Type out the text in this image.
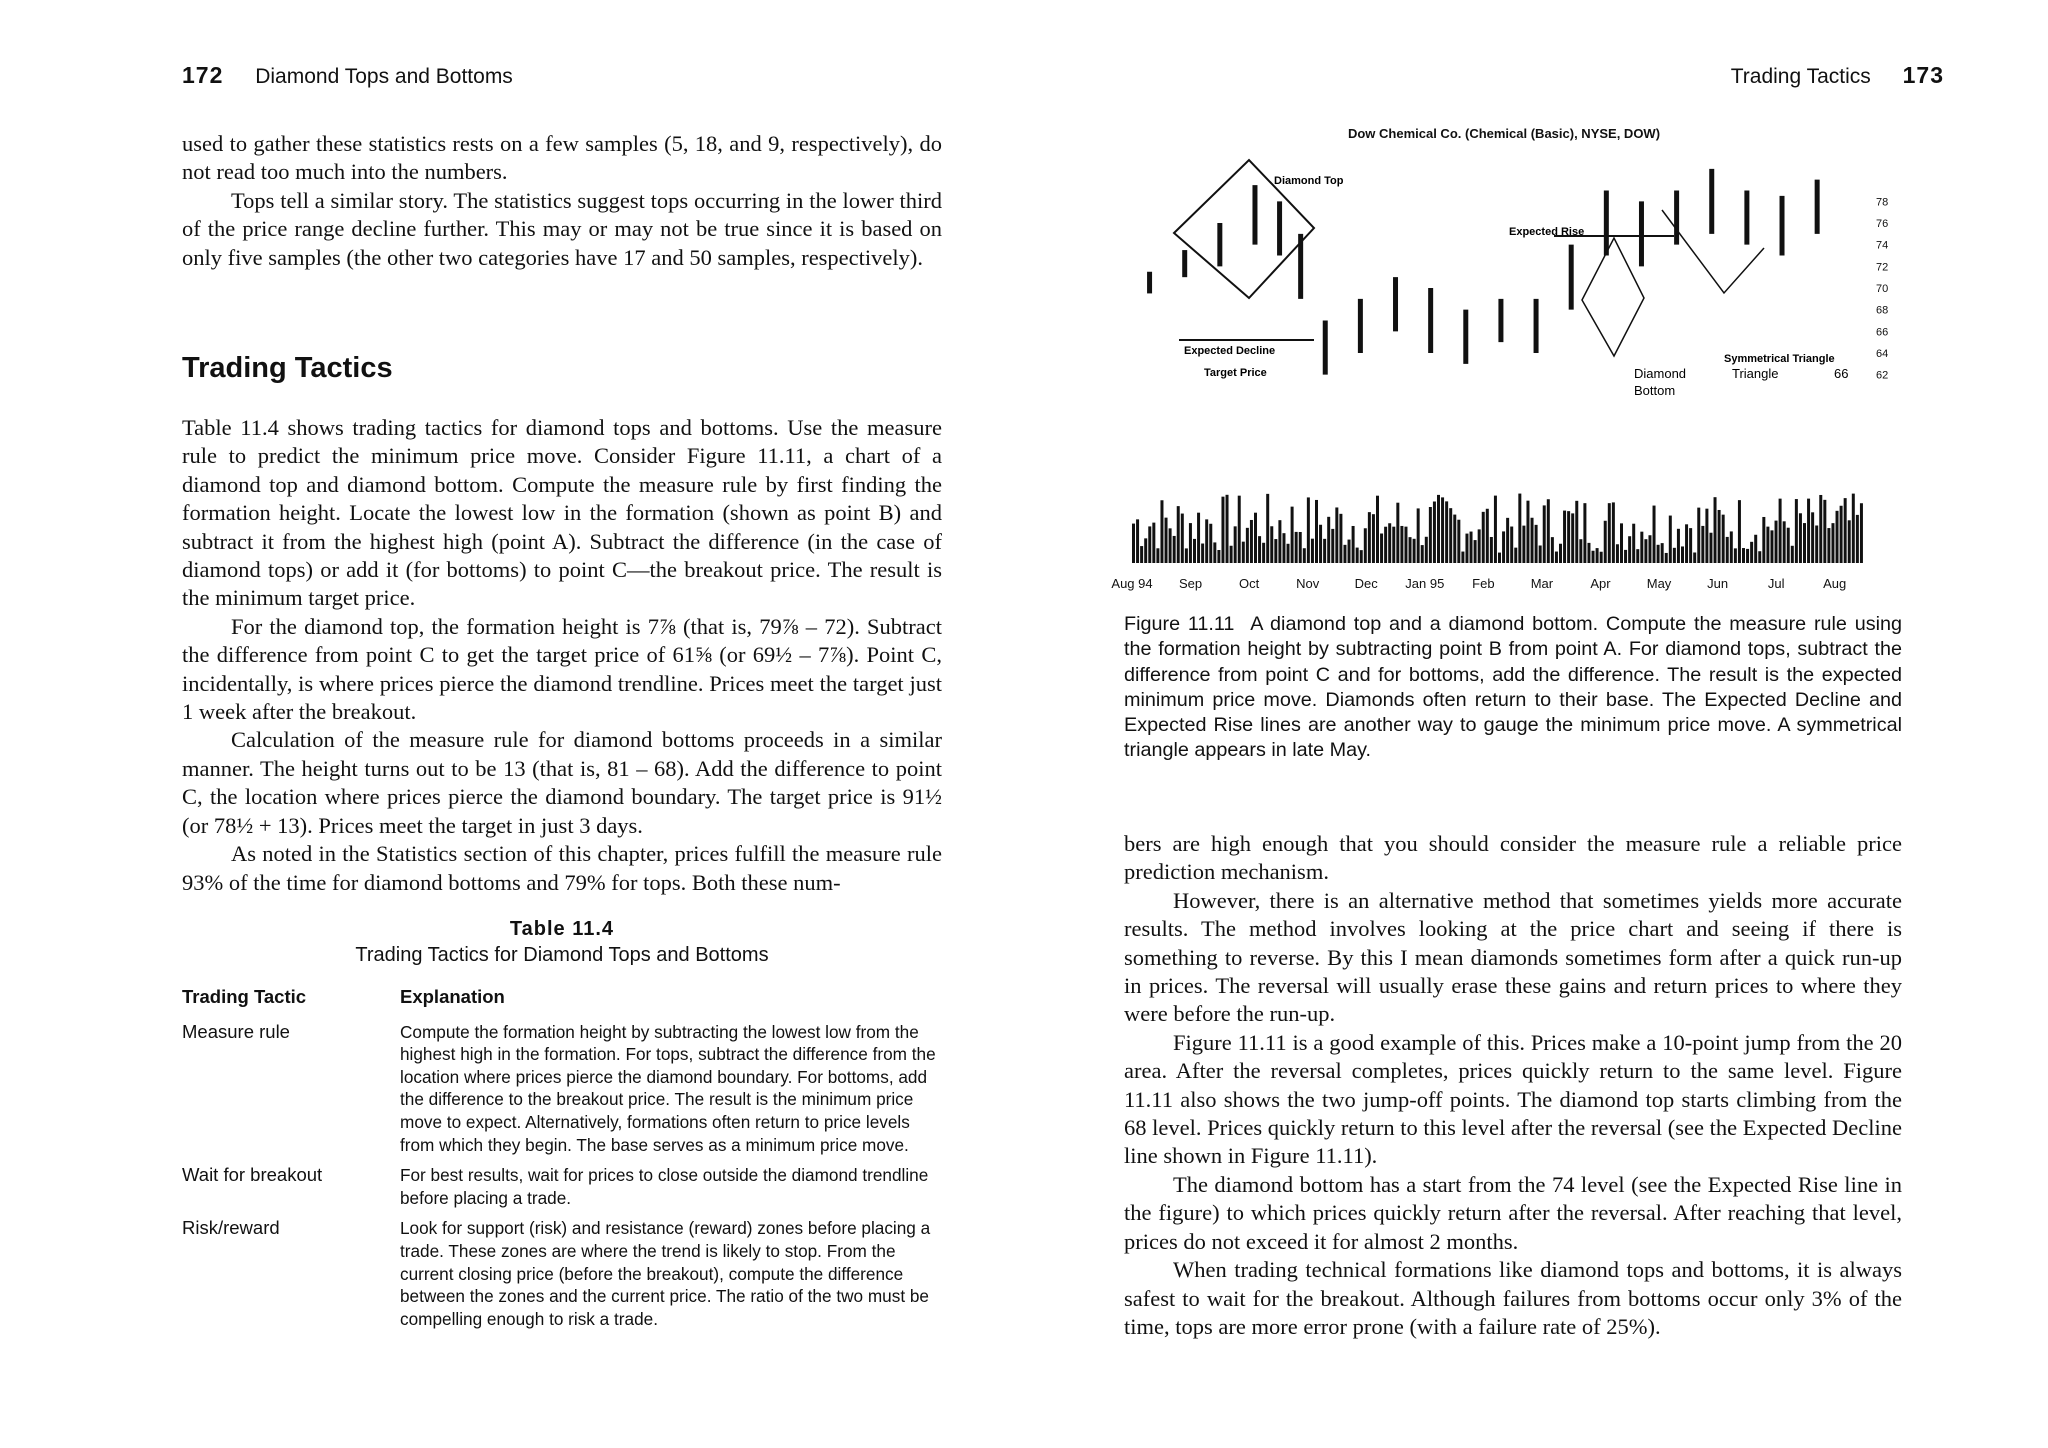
172 Diamond Tops and Bottoms

used to gather these statistics rests on a few samples (5, 18, and 9, respectively), do not read too much into the numbers.

Tops tell a similar story. The statistics suggest tops occurring in the lower third of the price range decline further. This may or may not be true since it is based on only five samples (the other two categories have 17 and 50 samples, respectively).

Trading Tactics

Table 11.4 shows trading tactics for diamond tops and bottoms. Use the measure rule to predict the minimum price move. Consider Figure 11.11, a chart of a diamond top and diamond bottom. Compute the measure rule by first finding the formation height. Locate the lowest low in the formation (shown as point B) and subtract it from the highest high (point A). Subtract the difference (in the case of diamond tops) or add it (for bottoms) to point C—the breakout price. The result is the minimum target price.

For the diamond top, the formation height is 7⅞ (that is, 79⅞ – 72). Subtract the difference from point C to get the target price of 61⅝ (or 69½ – 7⅞). Point C, incidentally, is where prices pierce the diamond trendline. Prices meet the target just 1 week after the breakout.

Calculation of the measure rule for diamond bottoms proceeds in a similar manner. The height turns out to be 13 (that is, 81 – 68). Add the difference to point C, the location where prices pierce the diamond boundary. The target price is 91½ (or 78½ + 13). Prices meet the target in just 3 days.

As noted in the Statistics section of this chapter, prices fulfill the measure rule 93% of the time for diamond bottoms and 79% for tops. Both these num-

Table 11.4
Trading Tactics for Diamond Tops and Bottoms
Trading Tactic	Explanation
Measure rule	Compute the formation height by subtracting the lowest low from the highest high in the formation. For tops, subtract the difference from the location where prices pierce the diamond boundary. For bottoms, add the difference to the breakout price. The result is the minimum price move to expect. Alternatively, formations often return to price levels from which they begin. The base serves as a minimum price move.
Wait for breakout	For best results, wait for prices to close outside the diamond trendline before placing a trade.
Risk/reward	Look for support (risk) and resistance (reward) zones before placing a trade. These zones are where the trend is likely to stop. From the current closing price (before the breakout), compute the difference between the zones and the current price. The ratio of the two must be compelling enough to risk a trade.
Trading Tactics 173
Dow Chemical Co. (Chemical (Basic), NYSE, DOW)
78
76
74
72
70
68
66
64
62
Aug 94 Sep	Oct	Nov	Dec Jan 95 Feb	Mar	Apr	May	Jun	Jul	Aug
Diamond Top
Expected Decline
Target Price
Expected Rise
Diamond Bottom
Symmetrical Triangle
Triangle	66
Figure 11.11 A diamond top and a diamond bottom. Compute the measure rule using the formation height by subtracting point B from point A. For diamond tops, subtract the difference from point C and for bottoms, add the difference. The result is the expected minimum price move. Diamonds often return to their base. The Expected Decline and Expected Rise lines are another way to gauge the minimum price move. A symmetrical triangle appears in late May.

bers are high enough that you should consider the measure rule a reliable price prediction mechanism.

However, there is an alternative method that sometimes yields more accurate results. The method involves looking at the price chart and seeing if there is something to reverse. By this I mean diamonds sometimes form after a quick run-up in prices. The reversal will usually erase these gains and return prices to where they were before the run-up.

Figure 11.11 is a good example of this. Prices make a 10-point jump from the 20 area. After the reversal completes, prices quickly return to the same level. Figure 11.11 also shows the two jump-off points. The diamond top starts climbing from the 68 level. Prices quickly return to this level after the reversal (see the Expected Decline line shown in Figure 11.11).

The diamond bottom has a start from the 74 level (see the Expected Rise line in the figure) to which prices quickly return after the reversal. After reaching that level, prices do not exceed it for almost 2 months.

When trading technical formations like diamond tops and bottoms, it is always safest to wait for the breakout. Although failures from bottoms occur only 3% of the time, tops are more error prone (with a failure rate of 25%).
